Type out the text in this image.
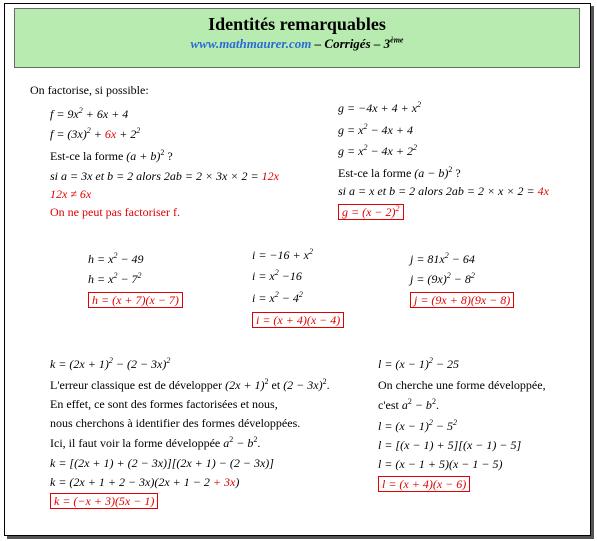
Identités remarquables
www.mathmaurer.com – Corrigés – 3ème
On factorise, si possible:
$f = 9x^2 + 6x + 4$
$f = (3x)^2 + 6x + 2^2$
Est-ce la forme $(a + b)^2$ ?
si a = 3x et b = 2 alors 2ab = 2 × 3x × 2 = 12x
12x ≠ 6x
On ne peut pas factoriser f.
$g = -4x + 4 + x^2$
$g = x^2 - 4x + 4$
$g = x^2 - 4x + 2^2$
Est-ce la forme $(a - b)^2$ ?
si a = x et b = 2 alors 2ab = 2 × x × 2 = 4x
$g = (x - 2)^2$
$h = x^2 - 49$
$h = x^2 - 7^2$
h = (x + 7)(x − 7)
$i = -16 + x^2$
$i = x^2 -16$
$i = x^2 - 4^2$
i = (x + 4)(x − 4)
$j = 81x^2 - 64$
$j = (9x)^2 - 8^2$
j = (9x + 8)(9x − 8)
$k = (2x + 1)^2 - (2 - 3x)^2$
L'erreur classique est de développer $(2x + 1)^2$ et $(2 - 3x)^2$.
En effet, ce sont des formes factorisées et nous,
nous cherchons à identifier des formes développées.
Ici, il faut voir la forme développée $a^2 - b^2$.
k = [(2x + 1) + (2 − 3x)][(2x + 1) − (2 − 3x)]
k = (2x + 1 + 2 − 3x)(2x + 1 − 2 + 3x)
k = (−x + 3)(5x − 1)
$l = (x - 1)^2 - 25$
On cherche une forme développée,
c'est $a^2 - b^2$.
$l = (x - 1)^2 - 5^2$
l = [(x − 1) + 5][(x − 1) − 5]
l = (x − 1 + 5)(x − 1 − 5)
l = (x + 4)(x − 6)
